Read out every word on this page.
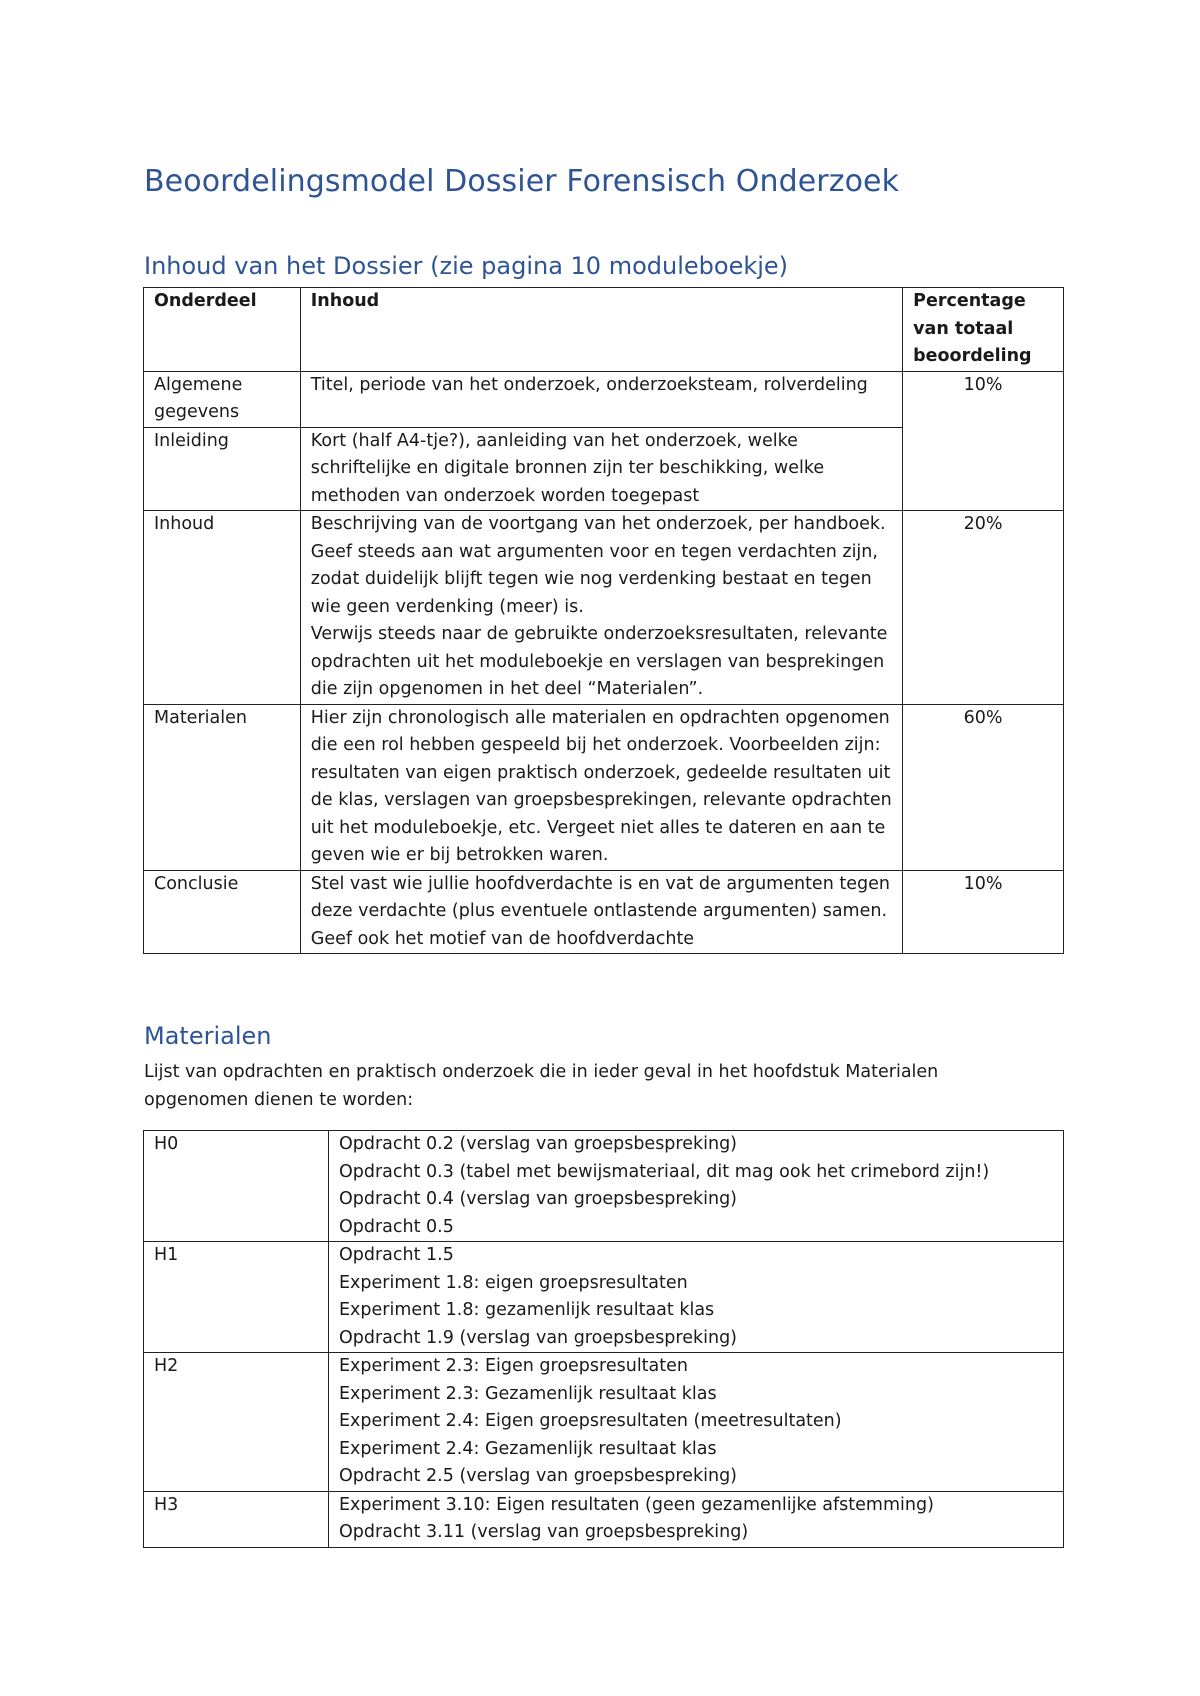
Beoordelingsmodel Dossier Forensisch Onderzoek
Inhoud van het Dossier (zie pagina 10 moduleboekje)
Onderdeel	Inhoud	Percentage van totaal beoordeling
Algemene gegevens	Titel, periode van het onderzoek, onderzoeksteam, rolverdeling	10%
Inleiding	Kort (half A4-tje?), aanleiding van het onderzoek, welke schriftelijke en digitale bronnen zijn ter beschikking, welke methoden van onderzoek worden toegepast	
Inhoud	Beschrijving van de voortgang van het onderzoek, per handboek. Geef steeds aan wat argumenten voor en tegen verdachten zijn, zodat duidelijk blijft tegen wie nog verdenking bestaat en tegen wie geen verdenking (meer) is.
Verwijs steeds naar de gebruikte onderzoeksresultaten, relevante opdrachten uit het moduleboekje en verslagen van besprekingen die zijn opgenomen in het deel “Materialen”.	20%
Materialen	Hier zijn chronologisch alle materialen en opdrachten opgenomen die een rol hebben gespeeld bij het onderzoek. Voorbeelden zijn: resultaten van eigen praktisch onderzoek, gedeelde resultaten uit de klas, verslagen van groepsbesprekingen, relevante opdrachten uit het moduleboekje, etc. Vergeet niet alles te dateren en aan te geven wie er bij betrokken waren.	60%
Conclusie	Stel vast wie jullie hoofdverdachte is en vat de argumenten tegen deze verdachte (plus eventuele ontlastende argumenten) samen. Geef ook het motief van de hoofdverdachte	10%
Materialen

Lijst van opdrachten en praktisch onderzoek die in ieder geval in het hoofdstuk Materialen opgenomen dienen te worden:

H0	Opdracht 0.2 (verslag van groepsbespreking)
Opdracht 0.3 (tabel met bewijsmateriaal, dit mag ook het crimebord zijn!)
Opdracht 0.4 (verslag van groepsbespreking)
Opdracht 0.5

H1	Opdracht 1.5
Experiment 1.8: eigen groepsresultaten
Experiment 1.8: gezamenlijk resultaat klas
Opdracht 1.9 (verslag van groepsbespreking)

H2	Experiment 2.3: Eigen groepsresultaten
Experiment 2.3: Gezamenlijk resultaat klas
Experiment 2.4: Eigen groepsresultaten (meetresultaten)
Experiment 2.4: Gezamenlijk resultaat klas
Opdracht 2.5 (verslag van groepsbespreking)

H3	Experiment 3.10: Eigen resultaten (geen gezamenlijke afstemming)
Opdracht 3.11 (verslag van groepsbespreking)
